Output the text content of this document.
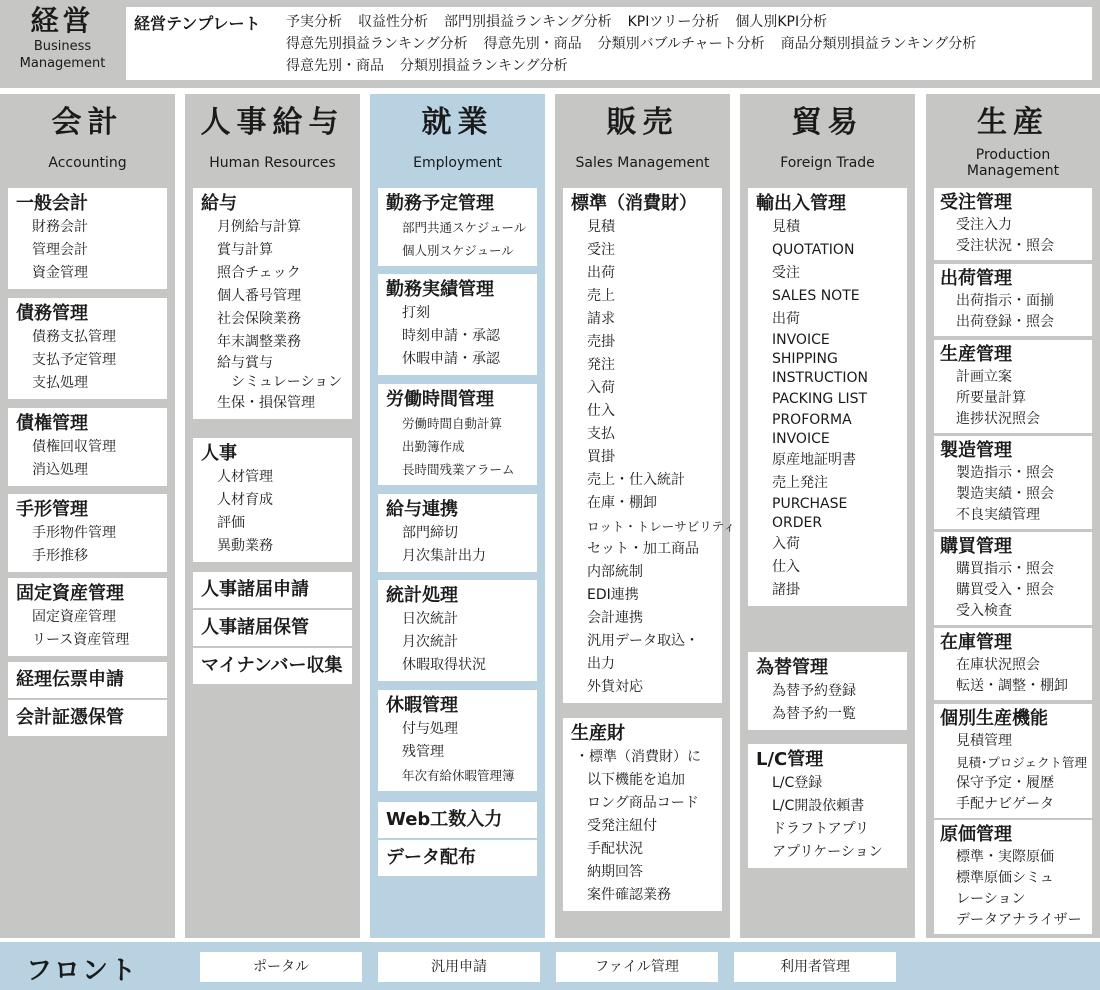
経営
Business
Management
経営テンプレート 予実分析 収益性分析 部門別損益ランキング分析 KPIツリー分析 個人別KPI分析
得意先別損益ランキング分析 得意先別・商品 分類別バブルチャート分析 商品分類別損益ランキング分析
得意先別・商品 分類別損益ランキング分析
会計
Accounting
一般会計
財務会計
管理会計
資金管理
債務管理
債務支払管理
支払予定管理
支払処理
債権管理
債権回収管理
消込処理
手形管理
手形物件管理
手形推移
固定資産管理
固定資産管理
リース資産管理
経理伝票申請
会計証憑保管
人事給与
Human Resources
給与
月例給与計算
賞与計算
照合チェック
個人番号管理
社会保険業務
年末調整業務
給与賞与
シミュレーション
生保・損保管理
人事
人材管理
人材育成
評価
異動業務
人事諸届申請
人事諸届保管
マイナンバー収集
就業
Employment
勤務予定管理
部門共通スケジュール
個人別スケジュール
勤務実績管理
打刻
時刻申請・承認
休暇申請・承認
労働時間管理
労働時間自動計算
出勤簿作成
長時間残業アラーム
給与連携
部門締切
月次集計出力
統計処理
日次統計
月次統計
休暇取得状況
休暇管理
付与処理
残管理
年次有給休暇管理簿
Web工数入力
データ配布
販売
Sales Management
標準（消費財）
見積
受注
出荷
売上
請求
売掛
発注
入荷
仕入
支払
買掛
売上・仕入統計
在庫・棚卸
ロット・トレーサビリティ
セット・加工商品
内部統制
EDI連携
会計連携
汎用データ取込・
出力
外貨対応
生産財
・標準（消費財）に
以下機能を追加
ロング商品コード
受発注紐付
手配状況
納期回答
案件確認業務
貿易
Foreign Trade
輸出入管理
見積
QUOTATION
受注
SALES NOTE
出荷
INVOICE
SHIPPING
INSTRUCTION
PACKING LIST
PROFORMA
INVOICE
原産地証明書
売上発注
PURCHASE
ORDER
入荷
仕入
諸掛
為替管理
為替予約登録
為替予約一覧
L/C管理
L/C登録
L/C開設依頼書
ドラフトアプリ
アプリケーション
生産
Production
Management
受注管理
受注入力
受注状況・照会
出荷管理
出荷指示・面揃
出荷登録・照会
生産管理
計画立案
所要量計算
進捗状況照会
製造管理
製造指示・照会
製造実績・照会
不良実績管理
購買管理
購買指示・照会
購買受入・照会
受入検査
在庫管理
在庫状況照会
転送・調整・棚卸
個別生産機能
見積管理
見積･プロジェクト管理
保守予定・履歴
手配ナビゲータ
原価管理
標準・実際原価
標準原価シミュ
レーション
データアナライザー
フロント	ポータル	汎用申請	ファイル管理	利用者管理
